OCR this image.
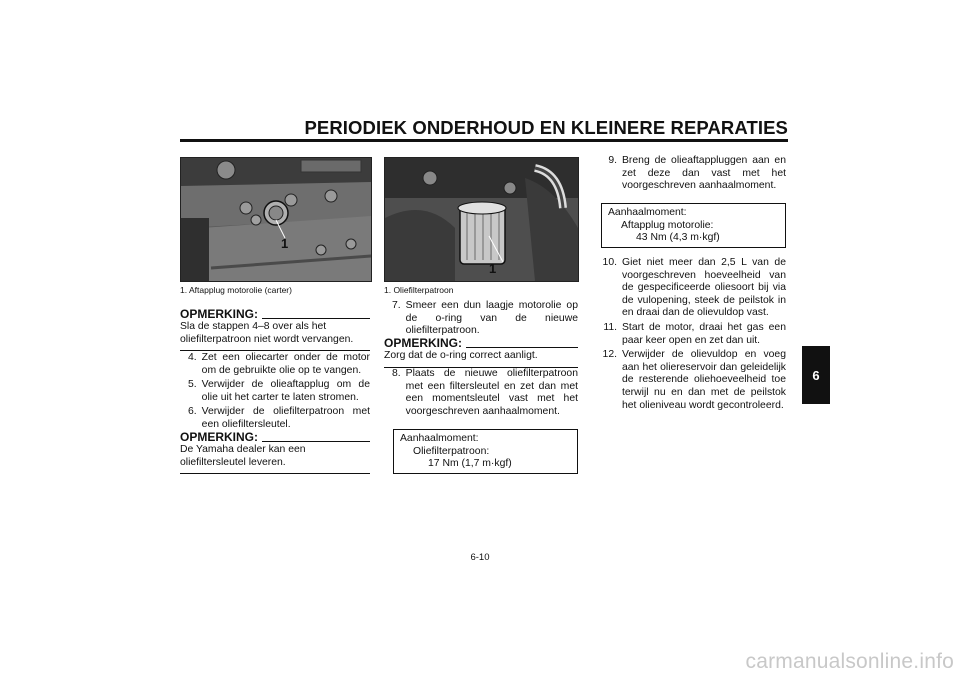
PERIODIEK ONDERHOUD EN KLEINERE REPARATIES
6
1
1. Aftapplug motorolie (carter)
OPMERKING:
Sla de stappen 4–8 over als het oliefilterpatroon niet wordt vervangen.
4. Zet een oliecarter onder de motor om de gebruikte olie op te vangen.
5. Verwijder de olieaftapplug om de olie uit het carter te laten stromen.
6. Verwijder de oliefilterpatroon met een oliefiltersleutel.
OPMERKING:
De Yamaha dealer kan een oliefiltersleutel leveren.
1
1. Oliefilterpatroon
7. Smeer een dun laagje motorolie op de o-ring van de nieuwe oliefilterpatroon.
OPMERKING:
Zorg dat de o-ring correct aanligt.
8. Plaats de nieuwe oliefilterpatroon met een filtersleutel en zet dan met een momentsleutel vast met het voorgeschreven aanhaalmoment.
Aanhaalmoment:
Oliefilterpatroon:
17 Nm (1,7 m·kgf)
9. Breng de olieaftappluggen aan en zet deze dan vast met het voorgeschreven aanhaalmoment.
Aanhaalmoment:
Aftapplug motorolie:
43 Nm (4,3 m·kgf)
10. Giet niet meer dan 2,5 L van de voorgeschreven hoeveelheid van de gespecificeerde oliesoort bij via de vulopening, steek de peilstok in en draai dan de olievuldop vast.
11. Start de motor, draai het gas een paar keer open en zet dan uit.
12. Verwijder de olievuldop en voeg aan het oliereservoir dan geleidelijk de resterende oliehoeveelheid toe terwijl nu en dan met de peilstok het olieniveau wordt gecontroleerd.
6-10
carmanualsonline.info
